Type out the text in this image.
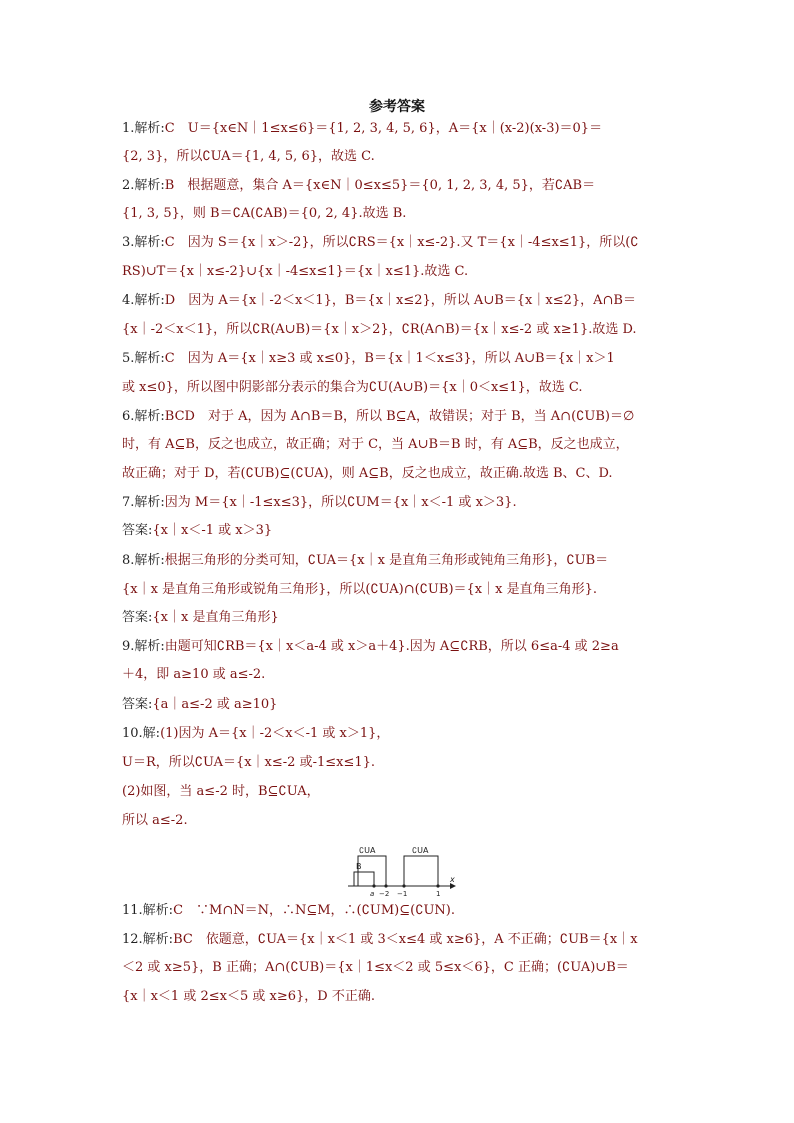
参考答案
1.解析:C　U＝{x∈N｜1≤x≤6}＝{1, 2, 3, 4, 5, 6}，A＝{x｜(x-2)(x-3)＝0}＝
{2, 3}，所以∁UA＝{1, 4, 5, 6}，故选 C.
2.解析:B　根据题意，集合 A＝{x∈N｜0≤x≤5}＝{0, 1, 2, 3, 4, 5}，若∁AB＝
{1, 3, 5}，则 B＝∁A(∁AB)＝{0, 2, 4}.故选 B.
3.解析:C　因为 S＝{x｜x＞-2}，所以∁RS＝{x｜x≤-2}.又 T＝{x｜-4≤x≤1}，所以(∁
RS)∪T＝{x｜x≤-2}∪{x｜-4≤x≤1}＝{x｜x≤1}.故选 C.
4.解析:D　因为 A＝{x｜-2＜x＜1}，B＝{x｜x≤2}，所以 A∪B＝{x｜x≤2}，A∩B＝
{x｜-2＜x＜1}，所以∁R(A∪B)＝{x｜x＞2}，∁R(A∩B)＝{x｜x≤-2 或 x≥1}.故选 D.
5.解析:C　因为 A＝{x｜x≥3 或 x≤0}，B＝{x｜1＜x≤3}，所以 A∪B＝{x｜x＞1
或 x≤0}，所以图中阴影部分表示的集合为∁U(A∪B)＝{x｜0＜x≤1}，故选 C.
6.解析:BCD　对于 A，因为 A∩B＝B，所以 B⊆A，故错误；对于 B，当 A∩(∁UB)＝∅
时，有 A⊆B，反之也成立，故正确；对于 C，当 A∪B＝B 时，有 A⊆B，反之也成立，
故正确；对于 D，若(∁UB)⊆(∁UA)，则 A⊆B，反之也成立，故正确.故选 B、C、D.
7.解析:因为 M＝{x｜-1≤x≤3}，所以∁UM＝{x｜x＜-1 或 x＞3}.
答案:{x｜x＜-1 或 x＞3}
8.解析:根据三角形的分类可知，∁UA＝{x｜x 是直角三角形或钝角三角形}，∁UB＝
{x｜x 是直角三角形或锐角三角形}，所以(∁UA)∩(∁UB)＝{x｜x 是直角三角形}.
答案:{x｜x 是直角三角形}
9.解析:由题可知∁RB＝{x｜x＜a-4 或 x＞a＋4}.因为 A⊆∁RB，所以 6≤a-4 或 2≥a
＋4，即 a≥10 或 a≤-2.
答案:{a｜a≤-2 或 a≥10}
10.解:(1)因为 A＝{x｜-2＜x＜-1 或 x＞1}，
U＝R，所以∁UA＝{x｜x≤-2 或-1≤x≤1}.
(2)如图，当 a≤-2 时，B⊆∁UA，
所以 a≤-2.
11.解析:C　∵M∩N＝N，∴N⊆M，∴(∁UM)⊆(∁UN).
12.解析:BC　依题意，∁UA＝{x｜x＜1 或 3＜x≤4 或 x≥6}，A 不正确；∁UB＝{x｜x
＜2 或 x≥5}，B 正确；A∩(∁UB)＝{x｜1≤x＜2 或 5≤x＜6}，C 正确；(∁UA)∪B＝
{x｜x＜1 或 2≤x＜5 或 x≥6}，D 不正确.
∁UA
B
∁UA
x
a −2 −1	1
